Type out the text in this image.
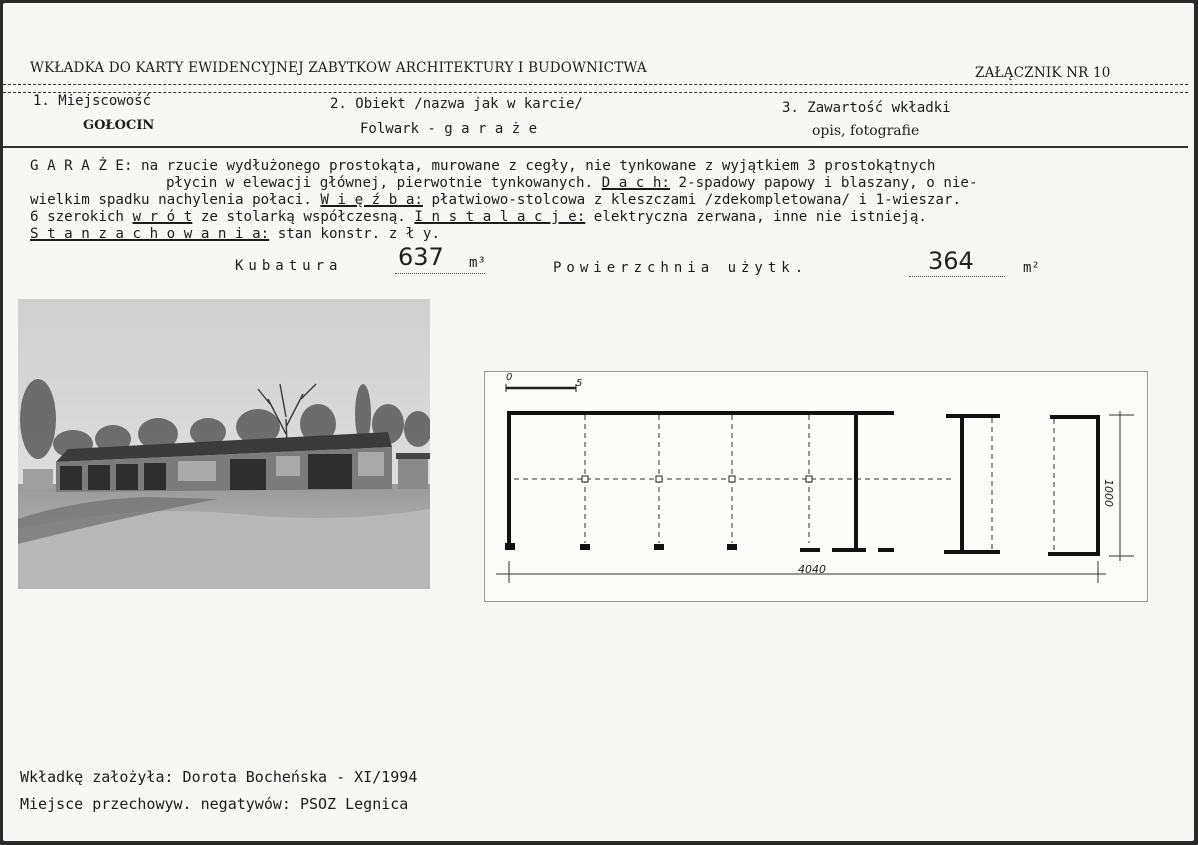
WKŁADKA DO KARTY EWIDENCYJNEJ ZABYTKOW ARCHITEKTURY I BUDOWNICTWA	ZAŁĄCZNIK NR 10
1. Miejscowość
GOŁOCIN
2. Obiekt /nazwa jak w karcie/
Folwark - g a r a ż e
3. Zawartość wkładki
opis, fotografie
G A R A Ż E: na rzucie wydłużonego prostokąta, murowane z cegły, nie tynkowane z wyjątkiem 3 prostokątnych
płycin w elewacji głównej, pierwotnie tynkowanych. D a c h: 2-spadowy papowy i blaszany, o nie-
wielkim spadku nachylenia połaci. W i ę ź b a: płatwiowo-stolcowa z kleszczami /zdekompletowana/ i 1-wieszar.
6 szerokich w r ó t ze stolarką współczesną. I n s t a l a c j e: elektryczna zerwana, inne nie istnieją.
S t a n z a c h o w a n i a: stan konstr. z ł y.
Kubatura 637 m³	Powierzchnia użytk.	364	m²
0
5
4040
1000
Wkładkę założyła: Dorota Bocheńska - XI/1994
Miejsce przechowyw. negatywów: PSOZ Legnica
